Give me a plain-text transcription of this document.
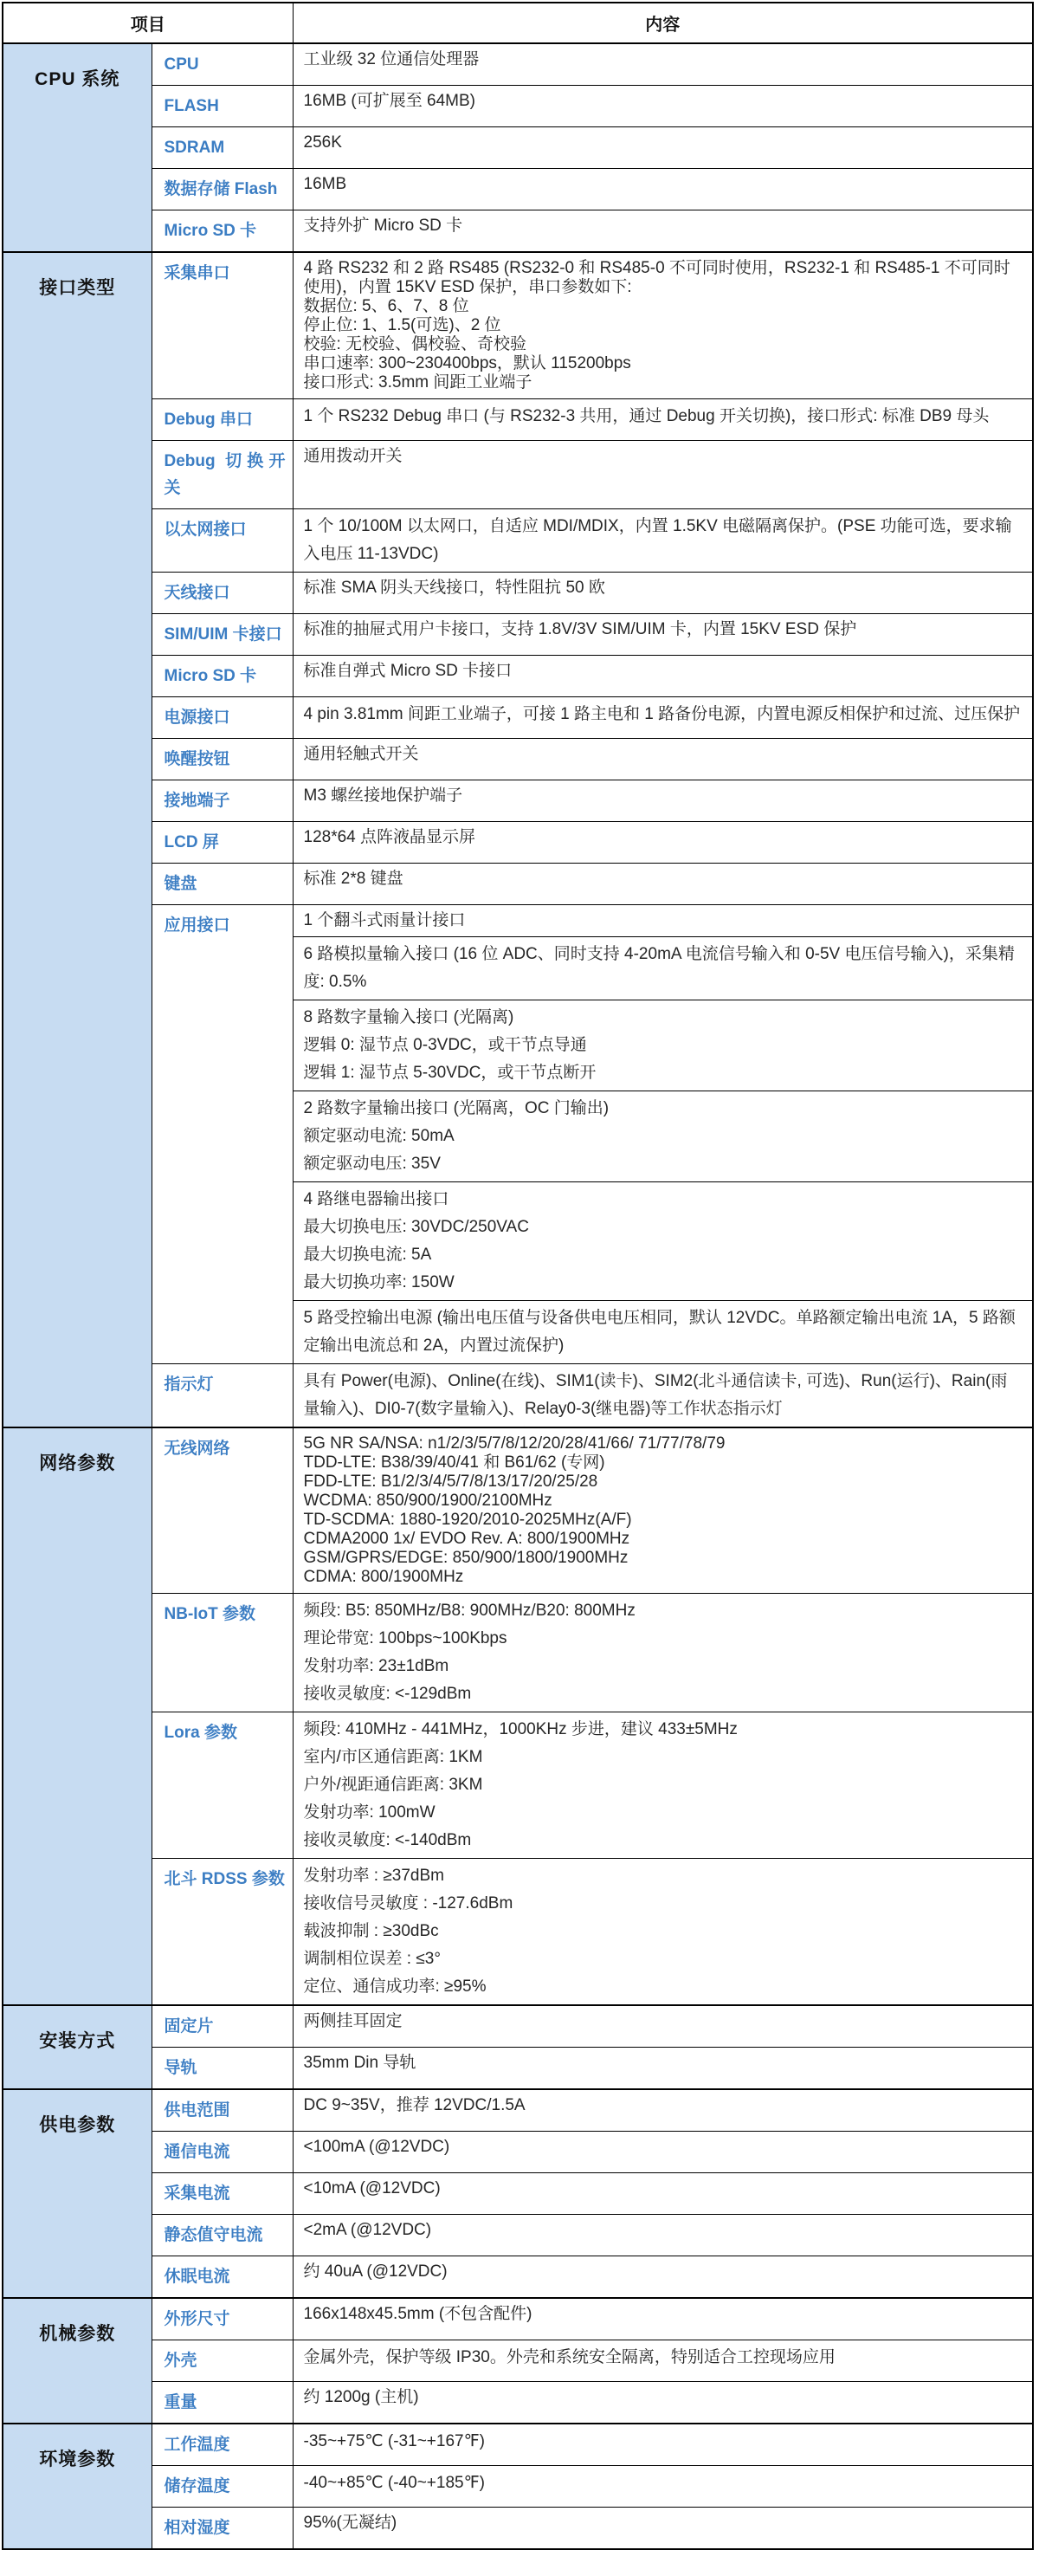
项目		内容
CPU 系统	CPU	工业级 32 位通信处理器

	FLASH	16MB (可扩展至 64MB)

	SDRAM	256K

	数据存储 Flash	16MB

	Micro SD 卡	支持外扩 Micro SD 卡

接口类型	采集串口	4 路 RS232 和 2 路 RS485 (RS232-0 和 RS485-0 不可同时使用，RS232-1 和 RS485-1 不可同时使用)，内置 15KV ESD 保护，串口参数如下:
数据位: 5、6、7、8 位
停止位: 1、1.5(可选)、2 位
校验: 无校验、偶校验、奇校验
串口速率: 300~230400bps，默认 115200bps
接口形式: 3.5mm 间距工业端子

	Debug 串口	1 个 RS232 Debug 串口 (与 RS232-3 共用，通过 Debug 开关切换)，接口形式: 标准 DB9 母头

	Debug 切换开关	通用拨动开关

	以太网接口	1 个 10/100M 以太网口，自适应 MDI/MDIX，内置 1.5KV 电磁隔离保护。(PSE 功能可选，要求输入电压 11-13VDC)

	天线接口	标准 SMA 阴头天线接口，特性阻抗 50 欧

	SIM/UIM 卡接口	标准的抽屉式用户卡接口，支持 1.8V/3V SIM/UIM 卡，内置 15KV ESD 保护

	Micro SD 卡	标准自弹式 Micro SD 卡接口

	电源接口	4 pin 3.81mm 间距工业端子，可接 1 路主电和 1 路备份电源，内置电源反相保护和过流、过压保护

	唤醒按钮	通用轻触式开关

	接地端子	M3 螺丝接地保护端子

	LCD 屏	128*64 点阵液晶显示屏

	键盘	标准 2*8 键盘

	应用接口	1 个翻斗式雨量计接口

		6 路模拟量输入接口 (16 位 ADC、同时支持 4-20mA 电流信号输入和 0-5V 电压信号输入)，采集精度: 0.5%

		8 路数字量输入接口 (光隔离)
逻辑 0: 湿节点 0-3VDC，或干节点导通
逻辑 1: 湿节点 5-30VDC，或干节点断开

		2 路数字量输出接口 (光隔离，OC 门输出)
额定驱动电流: 50mA
额定驱动电压: 35V

		4 路继电器输出接口
最大切换电压: 30VDC/250VAC
最大切换电流: 5A
最大切换功率: 150W

		5 路受控输出电源 (输出电压值与设备供电电压相同，默认 12VDC。单路额定输出电流 1A，5 路额定输出电流总和 2A，内置过流保护)

	指示灯	具有 Power(电源)、Online(在线)、SIM1(读卡)、SIM2(北斗通信读卡, 可选)、Run(运行)、Rain(雨量输入)、DI0-7(数字量输入)、Relay0-3(继电器)等工作状态指示灯

网络参数	无线网络	5G NR SA/NSA: n1/2/3/5/7/8/12/20/28/41/66/ 71/77/78/79
TDD-LTE: B38/39/40/41 和 B61/62 (专网)
FDD-LTE: B1/2/3/4/5/7/8/13/17/20/25/28
WCDMA: 850/900/1900/2100MHz
TD-SCDMA: 1880-1920/2010-2025MHz(A/F)
CDMA2000 1x/ EVDO Rev. A: 800/1900MHz
GSM/GPRS/EDGE: 850/900/1800/1900MHz
CDMA: 800/1900MHz

	NB-IoT 参数	频段: B5: 850MHz/B8: 900MHz/B20: 800MHz
理论带宽: 100bps~100Kbps
发射功率: 23±1dBm
接收灵敏度: <-129dBm

	Lora 参数	频段: 410MHz - 441MHz，1000KHz 步进，建议 433±5MHz
室内/市区通信距离: 1KM
户外/视距通信距离: 3KM
发射功率: 100mW
接收灵敏度: <-140dBm

	北斗 RDSS 参数	发射功率 : ≥37dBm
接收信号灵敏度 : -127.6dBm
载波抑制 : ≥30dBc
调制相位误差 : ≤3°
定位、通信成功率: ≥95%

安装方式	固定片	两侧挂耳固定

	导轨	35mm Din 导轨

供电参数	供电范围	DC 9~35V，推荐 12VDC/1.5A

	通信电流	<100mA (@12VDC)

	采集电流	<10mA (@12VDC)

	静态值守电流	<2mA (@12VDC)

	休眠电流	约 40uA (@12VDC)

机械参数	外形尺寸	166x148x45.5mm (不包含配件)

	外壳	金属外壳，保护等级 IP30。外壳和系统安全隔离，特别适合工控现场应用

	重量	约 1200g (主机)

环境参数	工作温度	-35~+75℃ (-31~+167℉)

	储存温度	-40~+85℃ (-40~+185℉)

	相对湿度	95%(无凝结)
